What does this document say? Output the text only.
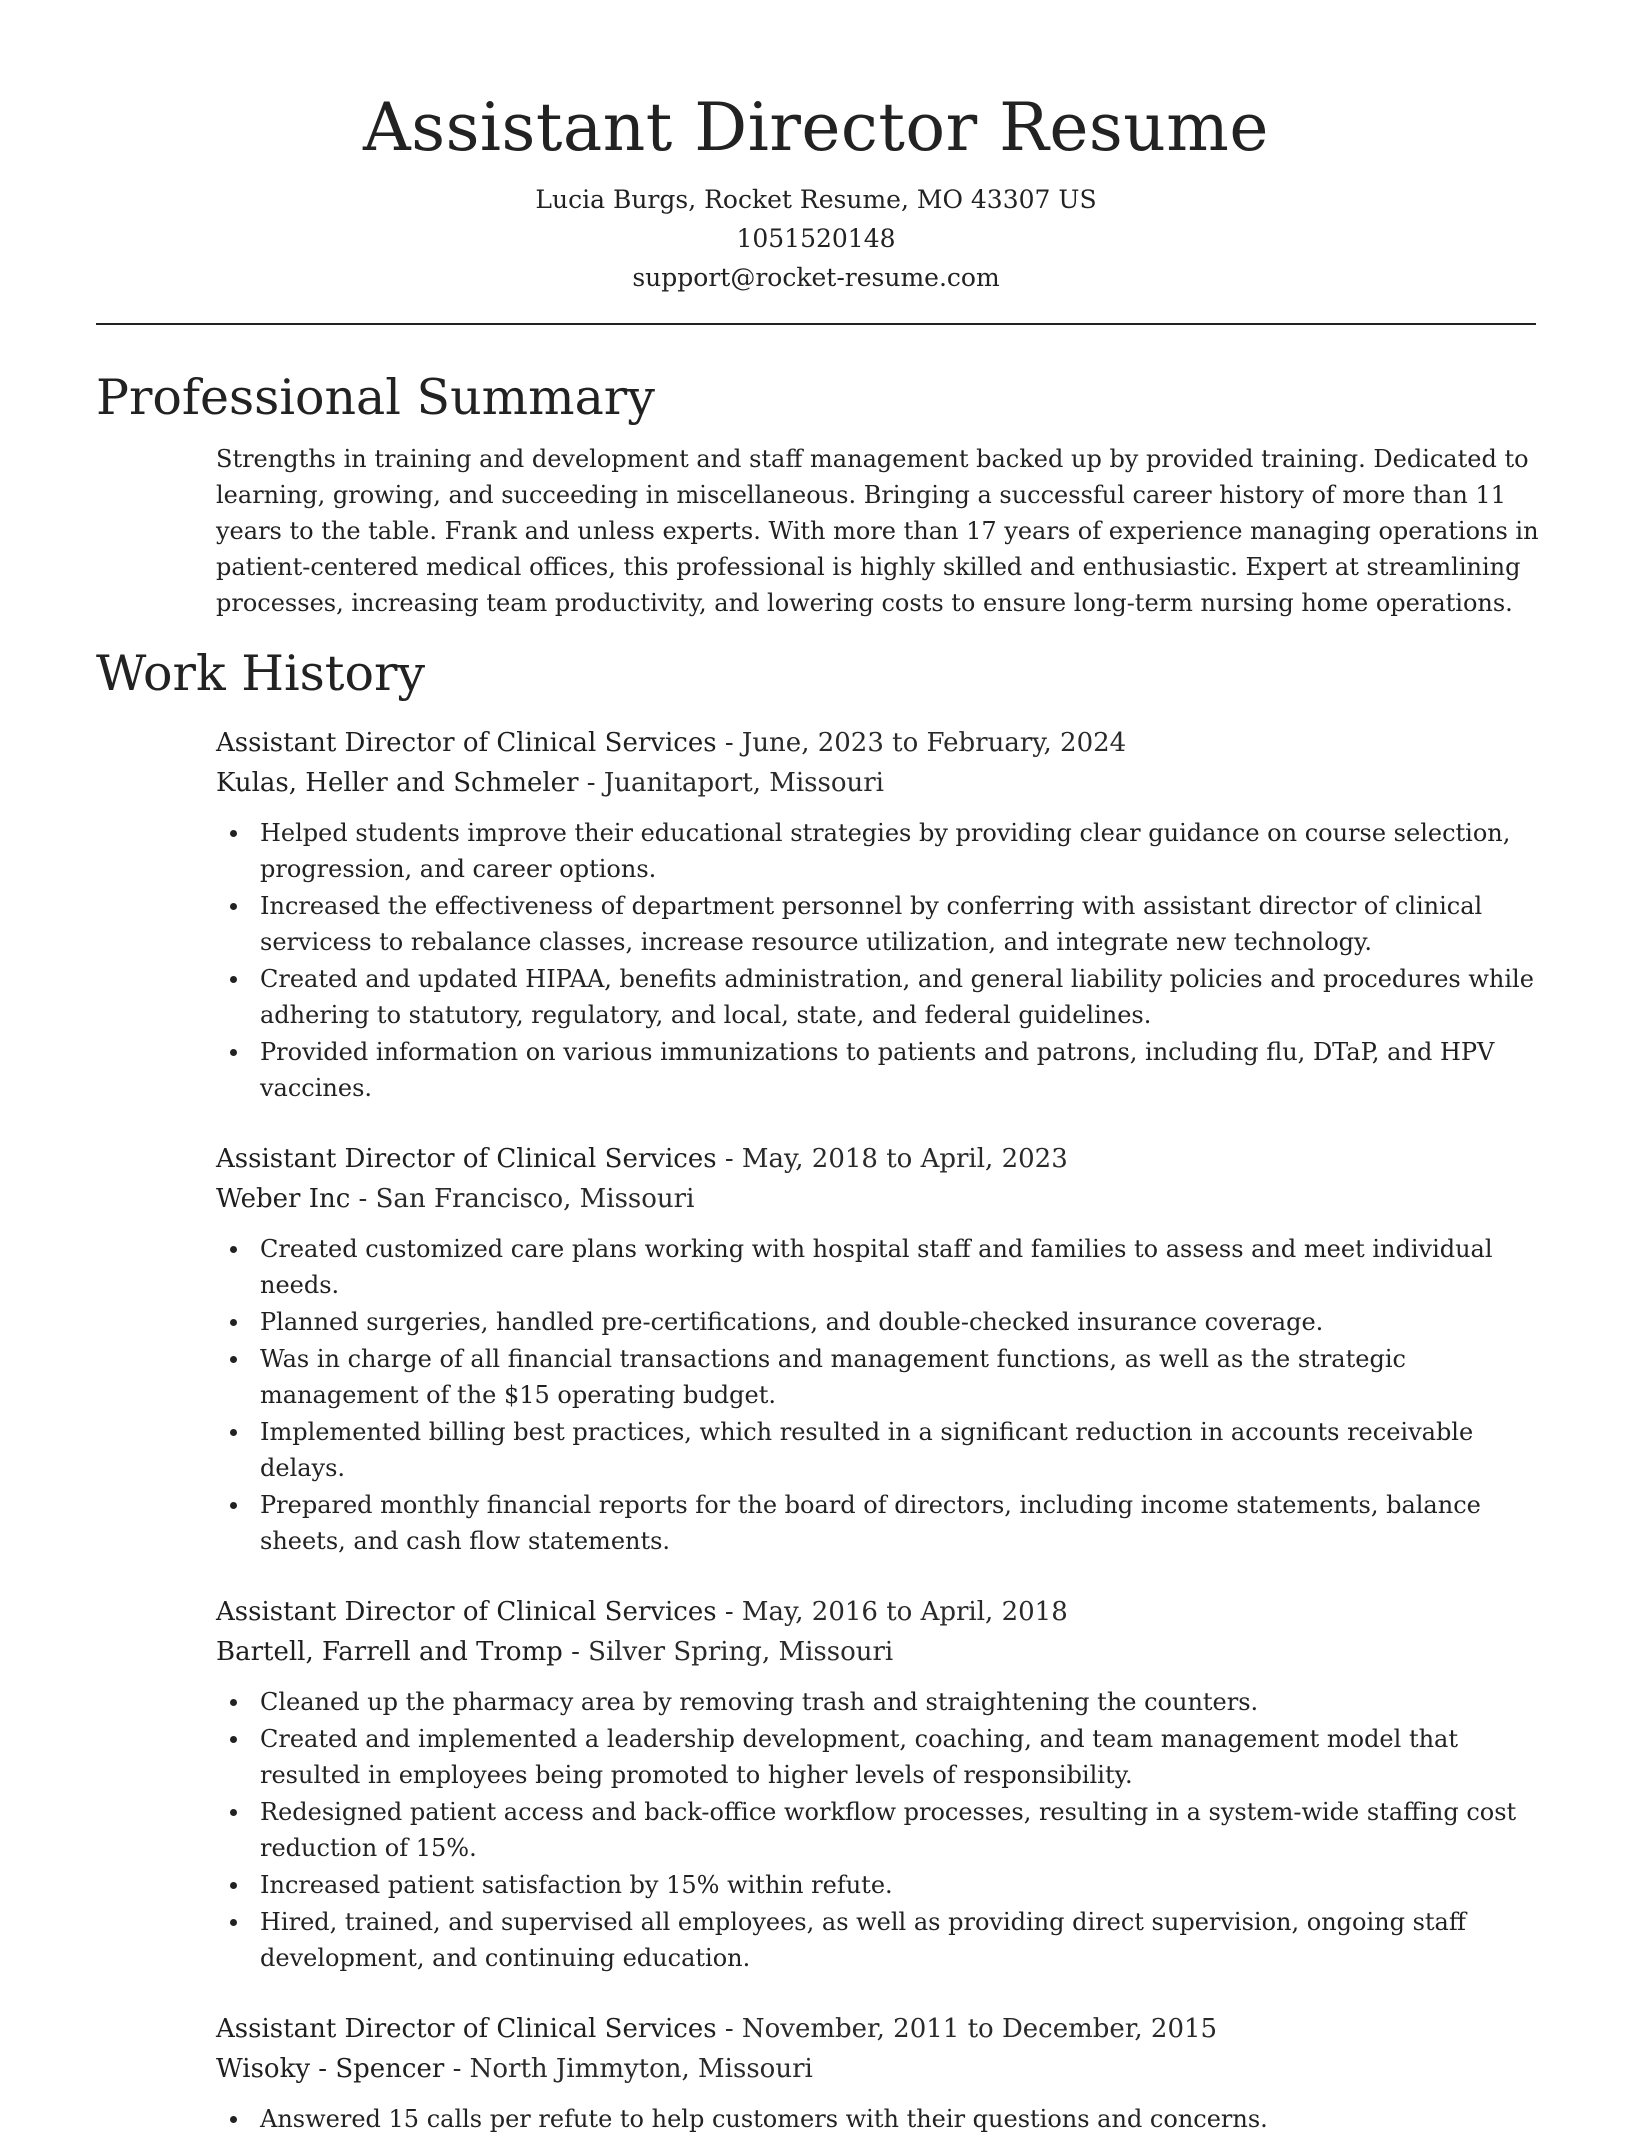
Assistant Director Resume

Lucia Burgs, Rocket Resume, MO 43307 US

1051520148

support@rocket-resume.com

Professional Summary

Strengths in training and development and staff management backed up by provided training. Dedicated to learning, growing, and succeeding in miscellaneous. Bringing a successful career history of more than 11 years to the table. Frank and unless experts. With more than 17 years of experience managing operations in patient-centered medical offices, this professional is highly skilled and enthusiastic. Expert at streamlining processes, increasing team productivity, and lowering costs to ensure long-term nursing home operations.

Work History

Assistant Director of Clinical Services - June, 2023 to February, 2024

Kulas, Heller and Schmeler - Juanitaport, Missouri

Helped students improve their educational strategies by providing clear guidance on course selection, progression, and career options.
Increased the effectiveness of department personnel by conferring with assistant director of clinical servicess to rebalance classes, increase resource utilization, and integrate new technology.
Created and updated HIPAA, benefits administration, and general liability policies and procedures while adhering to statutory, regulatory, and local, state, and federal guidelines.
Provided information on various immunizations to patients and patrons, including flu, DTaP, and HPV vaccines.

Assistant Director of Clinical Services - May, 2018 to April, 2023

Weber Inc - San Francisco, Missouri

Created customized care plans working with hospital staff and families to assess and meet individual needs.
Planned surgeries, handled pre-certifications, and double-checked insurance coverage.
Was in charge of all financial transactions and management functions, as well as the strategic management of the $15 operating budget.
Implemented billing best practices, which resulted in a significant reduction in accounts receivable delays.
Prepared monthly financial reports for the board of directors, including income statements, balance sheets, and cash flow statements.

Assistant Director of Clinical Services - May, 2016 to April, 2018

Bartell, Farrell and Tromp - Silver Spring, Missouri

Cleaned up the pharmacy area by removing trash and straightening the counters.
Created and implemented a leadership development, coaching, and team management model that resulted in employees being promoted to higher levels of responsibility.
Redesigned patient access and back-office workflow processes, resulting in a system-wide staffing cost reduction of 15%.
Increased patient satisfaction by 15% within refute.
Hired, trained, and supervised all employees, as well as providing direct supervision, ongoing staff development, and continuing education.

Assistant Director of Clinical Services - November, 2011 to December, 2015

Wisoky - Spencer - North Jimmyton, Missouri

Answered 15 calls per refute to help customers with their questions and concerns.
